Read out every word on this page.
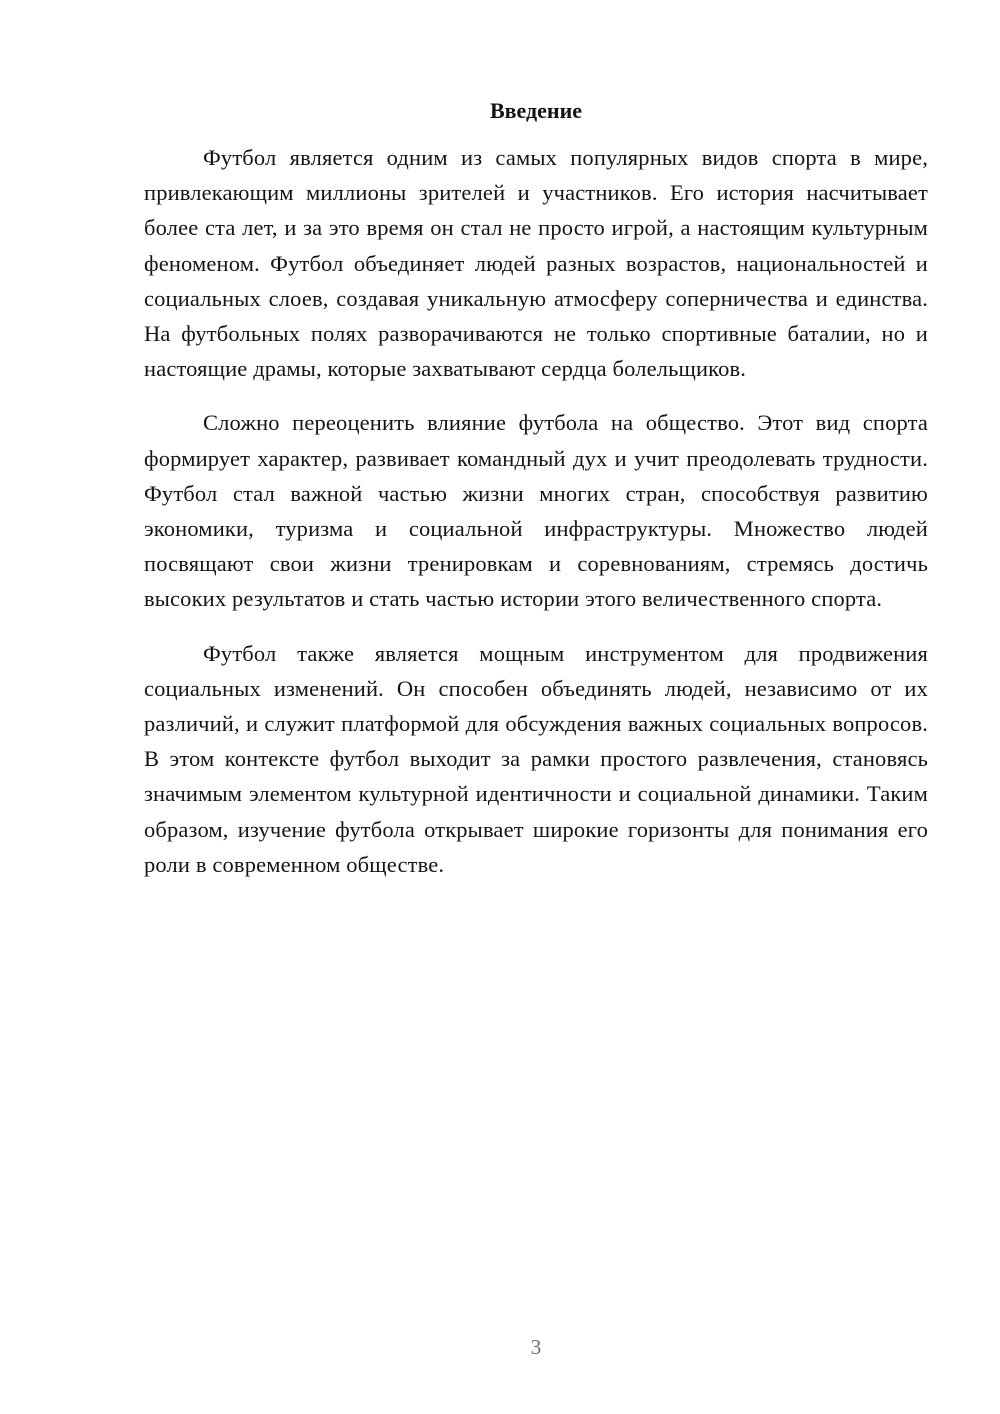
Введение

Футбол является одним из самых популярных видов спорта в мире, привлекающим миллионы зрителей и участников. Его история насчитывает более ста лет, и за это время он стал не просто игрой, а настоящим культурным феноменом. Футбол объединяет людей разных возрастов, национальностей и социальных слоев, создавая уникальную атмосферу соперничества и единства. На футбольных полях разворачиваются не только спортивные баталии, но и настоящие драмы, которые захватывают сердца болельщиков.

Сложно переоценить влияние футбола на общество. Этот вид спорта формирует характер, развивает командный дух и учит преодолевать трудности. Футбол стал важной частью жизни многих стран, способствуя развитию экономики, туризма и социальной инфраструктуры. Множество людей посвящают свои жизни тренировкам и соревнованиям, стремясь достичь высоких результатов и стать частью истории этого величественного спорта.

Футбол также является мощным инструментом для продвижения социальных изменений. Он способен объединять людей, независимо от их различий, и служит платформой для обсуждения важных социальных вопросов. В этом контексте футбол выходит за рамки простого развлечения, становясь значимым элементом культурной идентичности и социальной динамики. Таким образом, изучение футбола открывает широкие горизонты для понимания его роли в современном обществе.

3
